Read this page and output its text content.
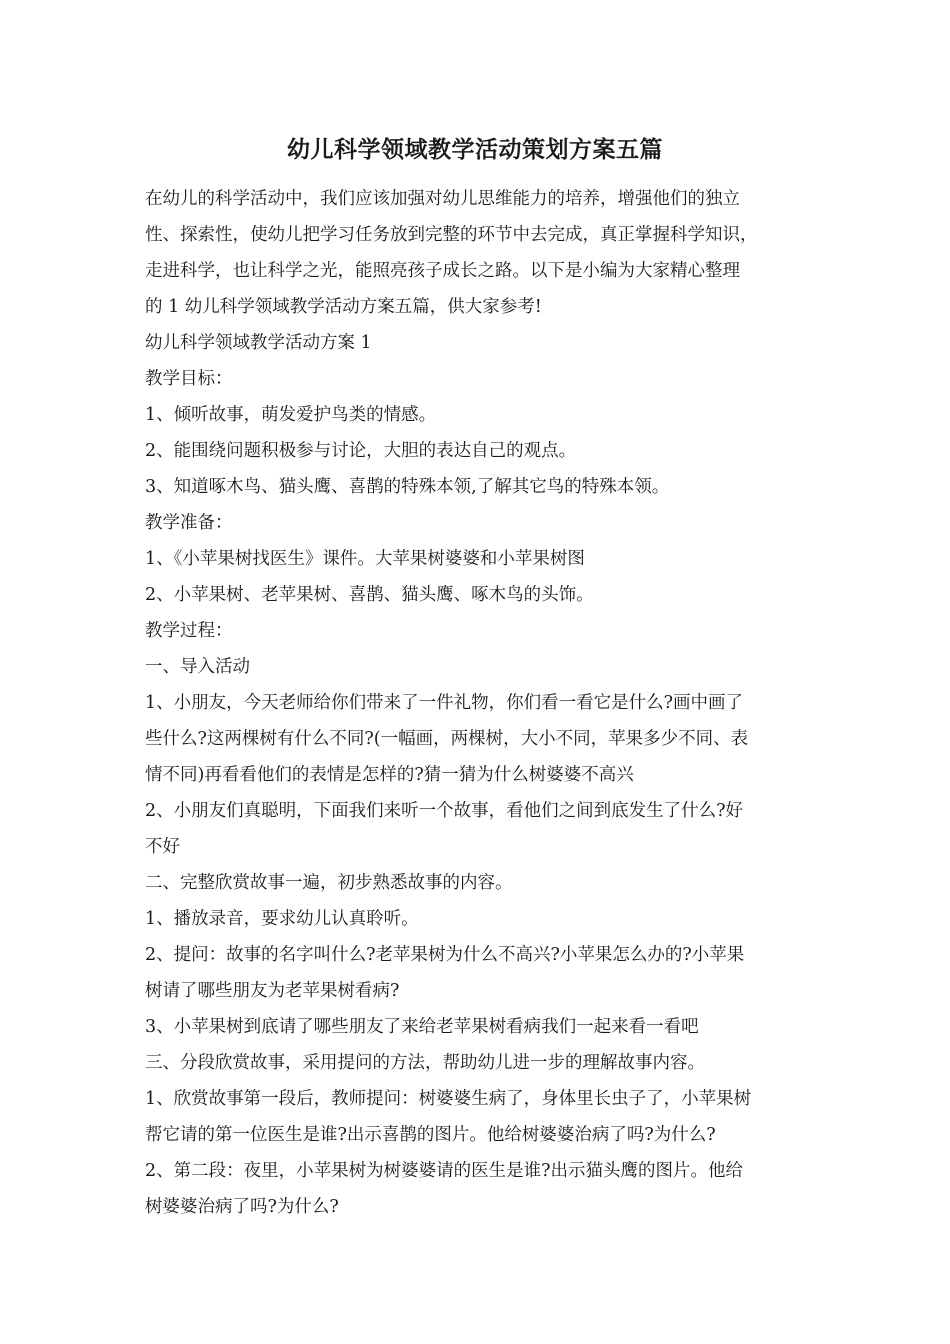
幼儿科学领域教学活动策划方案五篇
在幼儿的科学活动中，我们应该加强对幼儿思维能力的培养，增强他们的独立
性、探索性，使幼儿把学习任务放到完整的环节中去完成，真正掌握科学知识，
走进科学，也让科学之光，能照亮孩子成长之路。以下是小编为大家精心整理
的 1 幼儿科学领域教学活动方案五篇，供大家参考!
幼儿科学领域教学活动方案 1
教学目标：
1、倾听故事，萌发爱护鸟类的情感。
2、能围绕问题积极参与讨论，大胆的表达自己的观点。
3、知道啄木鸟、猫头鹰、喜鹊的特殊本领,了解其它鸟的特殊本领。
教学准备：
1、《小苹果树找医生》课件。大苹果树婆婆和小苹果树图
2、小苹果树、老苹果树、喜鹊、猫头鹰、啄木鸟的头饰。
教学过程：
一、导入活动
1、小朋友，今天老师给你们带来了一件礼物，你们看一看它是什么?画中画了
些什么?这两棵树有什么不同?(一幅画，两棵树，大小不同，苹果多少不同、表
情不同)再看看他们的表情是怎样的?猜一猜为什么树婆婆不高兴
2、小朋友们真聪明，下面我们来听一个故事，看他们之间到底发生了什么?好
不好
二、完整欣赏故事一遍，初步熟悉故事的内容。
1、播放录音，要求幼儿认真聆听。
2、提问：故事的名字叫什么?老苹果树为什么不高兴?小苹果怎么办的?小苹果
树请了哪些朋友为老苹果树看病?
3、小苹果树到底请了哪些朋友了来给老苹果树看病我们一起来看一看吧
三、分段欣赏故事，采用提问的方法，帮助幼儿进一步的理解故事内容。
1、欣赏故事第一段后，教师提问：树婆婆生病了，身体里长虫子了，小苹果树
帮它请的第一位医生是谁?出示喜鹊的图片。他给树婆婆治病了吗?为什么?
2、第二段：夜里，小苹果树为树婆婆请的医生是谁?出示猫头鹰的图片。他给
树婆婆治病了吗?为什么?
